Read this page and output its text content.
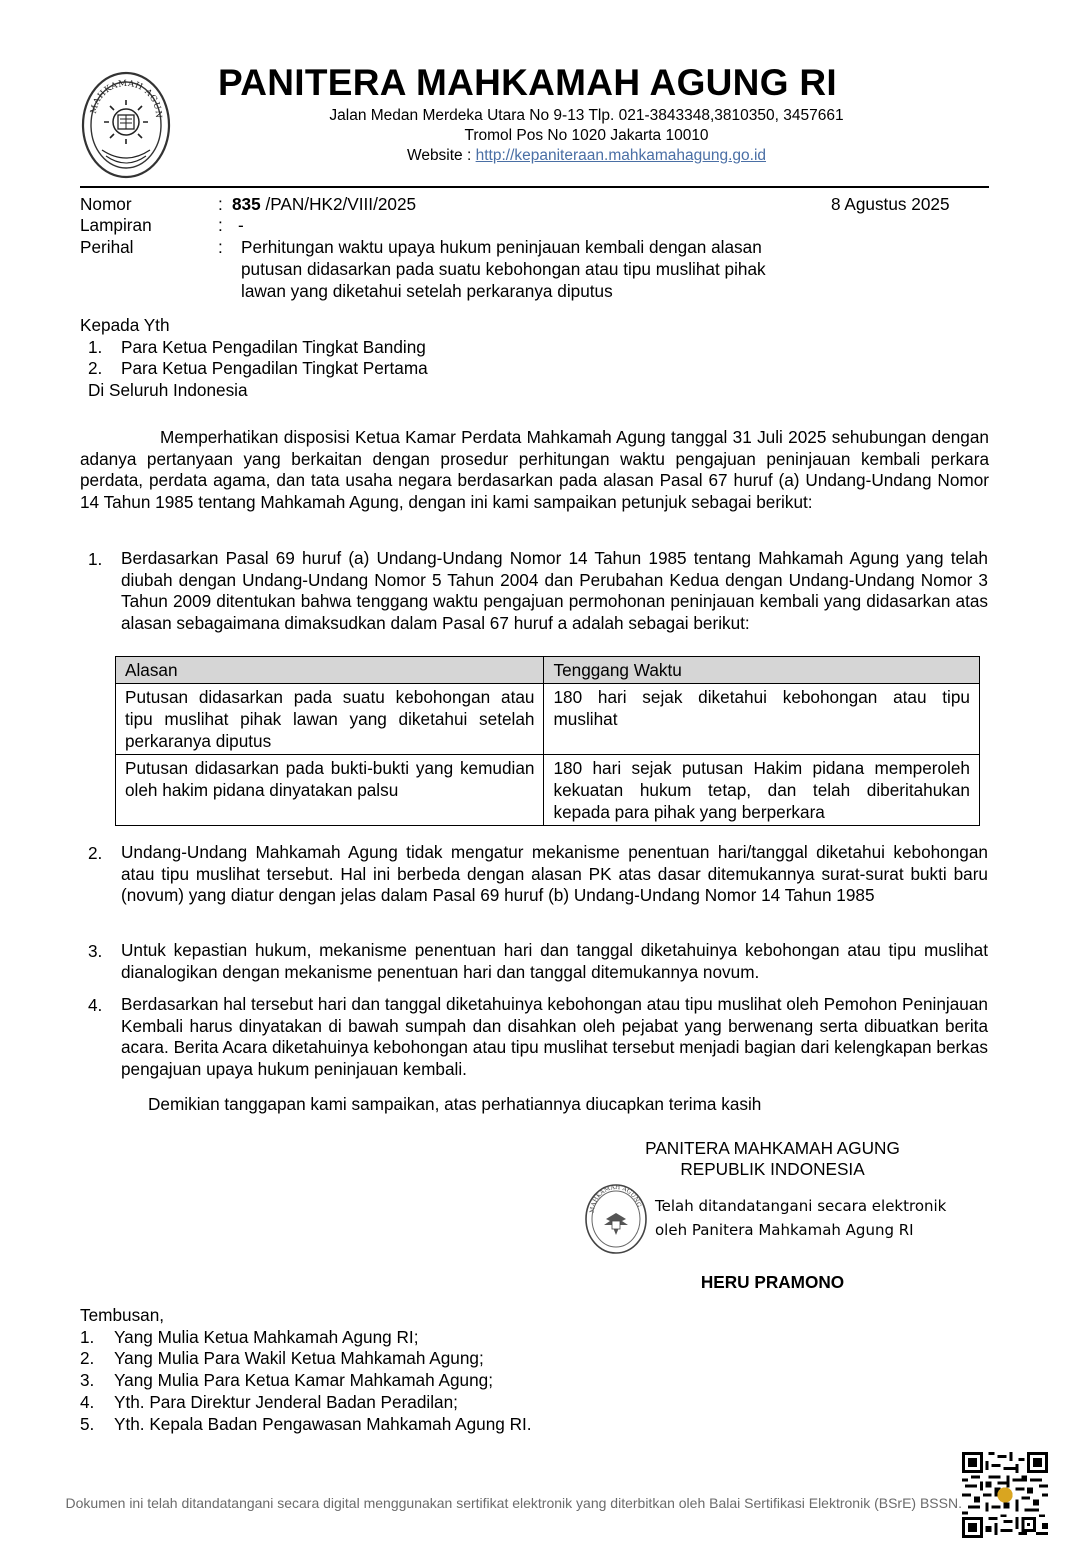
MAHKAMAH AGUN
PANITERA MAHKAMAH AGUNG RI
Jalan Medan Merdeka Utara No 9-13 Tlp. 021-3843348,3810350, 3457661
Tromol Pos No 1020 Jakarta 10010
Website : http://kepaniteraan.mahkamahagung.go.id
Nomor	: 835 /PAN/HK2/VIII/2025	8 Agustus 2025
Lampiran	: -
Perihal	: Perhitungan waktu upaya hukum peninjauan kembali dengan alasan
putusan didasarkan pada suatu kebohongan atau tipu muslihat pihak
lawan yang diketahui setelah perkaranya diputus
Kepada Yth
1. Para Ketua Pengadilan Tingkat Banding
2. Para Ketua Pengadilan Tingkat Pertama
Di Seluruh Indonesia
Memperhatikan disposisi Ketua Kamar Perdata Mahkamah Agung tanggal 31 Juli 2025 sehubungan dengan adanya pertanyaan yang berkaitan dengan prosedur perhitungan waktu pengajuan peninjauan kembali perkara perdata, perdata agama, dan tata usaha negara berdasarkan pada alasan Pasal 67 huruf (a) Undang-Undang Nomor 14 Tahun 1985 tentang Mahkamah Agung, dengan ini kami sampaikan petunjuk sebagai berikut:
1. Berdasarkan Pasal 69 huruf (a) Undang-Undang Nomor 14 Tahun 1985 tentang Mahkamah Agung yang telah diubah dengan Undang-Undang Nomor 5 Tahun 2004 dan Perubahan Kedua dengan Undang-Undang Nomor 3 Tahun 2009 ditentukan bahwa tenggang waktu pengajuan permohonan peninjauan kembali yang didasarkan atas alasan sebagaimana dimaksudkan dalam Pasal 67 huruf a adalah sebagai berikut:
Alasan	Tenggang Waktu
Putusan didasarkan pada suatu kebohongan atau tipu muslihat pihak lawan yang diketahui setelah perkaranya diputus	180 hari sejak diketahui kebohongan atau tipu muslihat
Putusan didasarkan pada bukti-bukti yang kemudian oleh hakim pidana dinyatakan palsu	180 hari sejak putusan Hakim pidana memperoleh kekuatan hukum tetap, dan telah diberitahukan kepada para pihak yang berperkara
2. Undang-Undang Mahkamah Agung tidak mengatur mekanisme penentuan hari/tanggal diketahui kebohongan atau tipu muslihat tersebut. Hal ini berbeda dengan alasan PK atas dasar ditemukannya surat-surat bukti baru (novum) yang diatur dengan jelas dalam Pasal 69 huruf (b) Undang-Undang Nomor 14 Tahun 1985
3. Untuk kepastian hukum, mekanisme penentuan hari dan tanggal diketahuinya kebohongan atau tipu muslihat dianalogikan dengan mekanisme penentuan hari dan tanggal ditemukannya novum.
4. Berdasarkan hal tersebut hari dan tanggal diketahuinya kebohongan atau tipu muslihat oleh Pemohon Peninjauan Kembali harus dinyatakan di bawah sumpah dan disahkan oleh pejabat yang berwenang serta dibuatkan berita acara. Berita Acara diketahuinya kebohongan atau tipu muslihat tersebut menjadi bagian dari kelengkapan berkas pengajuan upaya hukum peninjauan kembali.
Demikian tanggapan kami sampaikan, atas perhatiannya diucapkan terima kasih
PANITERA MAHKAMAH AGUNG
REPUBLIK INDONESIA
MAHKAMAH AGUNG Telah ditandatangani secara elektronik
oleh Panitera Mahkamah Agung RI
HERU PRAMONO
Tembusan,
1. Yang Mulia Ketua Mahkamah Agung RI;
2. Yang Mulia Para Wakil Ketua Mahkamah Agung;
3. Yang Mulia Para Ketua Kamar Mahkamah Agung;
4. Yth. Para Direktur Jenderal Badan Peradilan;
5. Yth. Kepala Badan Pengawasan Mahkamah Agung RI.
Dokumen ini telah ditandatangani secara digital menggunakan sertifikat elektronik yang diterbitkan oleh Balai Sertifikasi Elektronik (BSrE) BSSN.
